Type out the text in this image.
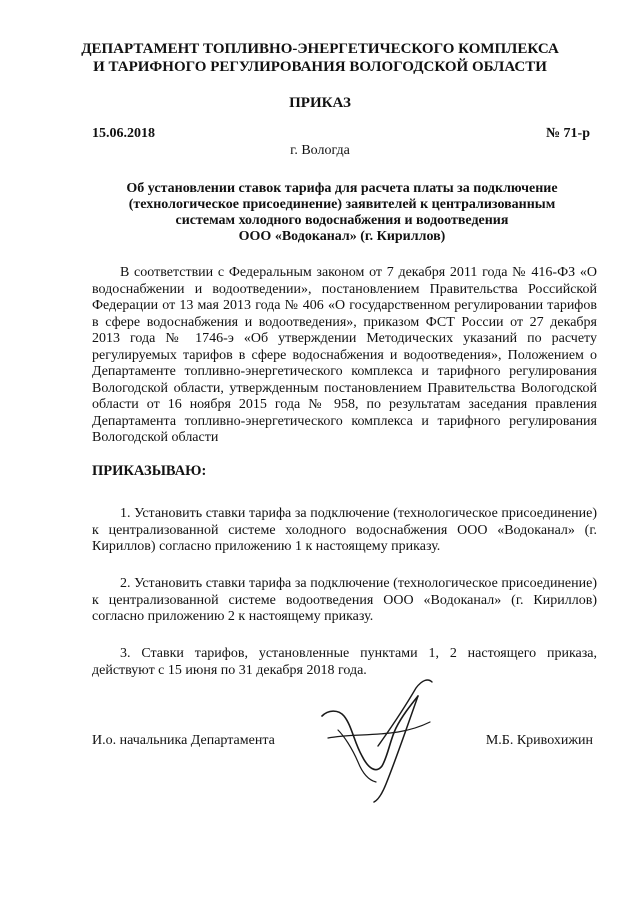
ДЕПАРТАМЕНТ ТОПЛИВНО-ЭНЕРГЕТИЧЕСКОГО КОМПЛЕКСА
И ТАРИФНОГО РЕГУЛИРОВАНИЯ ВОЛОГОДСКОЙ ОБЛАСТИ
ПРИКАЗ
15.06.2018	№ 71-р
г. Вологда
Об установлении ставок тарифа для расчета платы за подключение
(технологическое присоединение) заявителей к централизованным
системам холодного водоснабжения и водоотведения
ООО «Водоканал» (г. Кириллов)

В соответствии с Федеральным законом от 7 декабря 2011 года № 416-ФЗ «О водоснабжении и водоотведении», постановлением Правительства Российской Федерации от 13 мая 2013 года № 406 «О государственном регулировании тарифов в сфере водоснабжения и водоотведения», приказом ФСТ России от 27 декабря 2013 года № 1746-э «Об утверждении Методических указаний по расчету регулируемых тарифов в сфере водоснабжения и водоотведения», Положением о Департаменте топливно-энергетического комплекса и тарифного регулирования Вологодской области, утвержденным постановлением Правительства Вологодской области от 16 ноября 2015 года № 958, по результатам заседания правления Департамента топливно-энергетического комплекса и тарифного регулирования Вологодской области

ПРИКАЗЫВАЮ:

1. Установить ставки тарифа за подключение (технологическое присоединение) к централизованной системе холодного водоснабжения ООО «Водоканал» (г. Кириллов) согласно приложению 1 к настоящему приказу.

2. Установить ставки тарифа за подключение (технологическое присоединение) к централизованной системе водоотведения ООО «Водоканал» (г. Кириллов) согласно приложению 2 к настоящему приказу.

3. Ставки тарифов, установленные пунктами 1, 2 настоящего приказа, действуют с 15 июня по 31 декабря 2018 года.

И.о. начальника Департамента	М.Б. Кривохижин
